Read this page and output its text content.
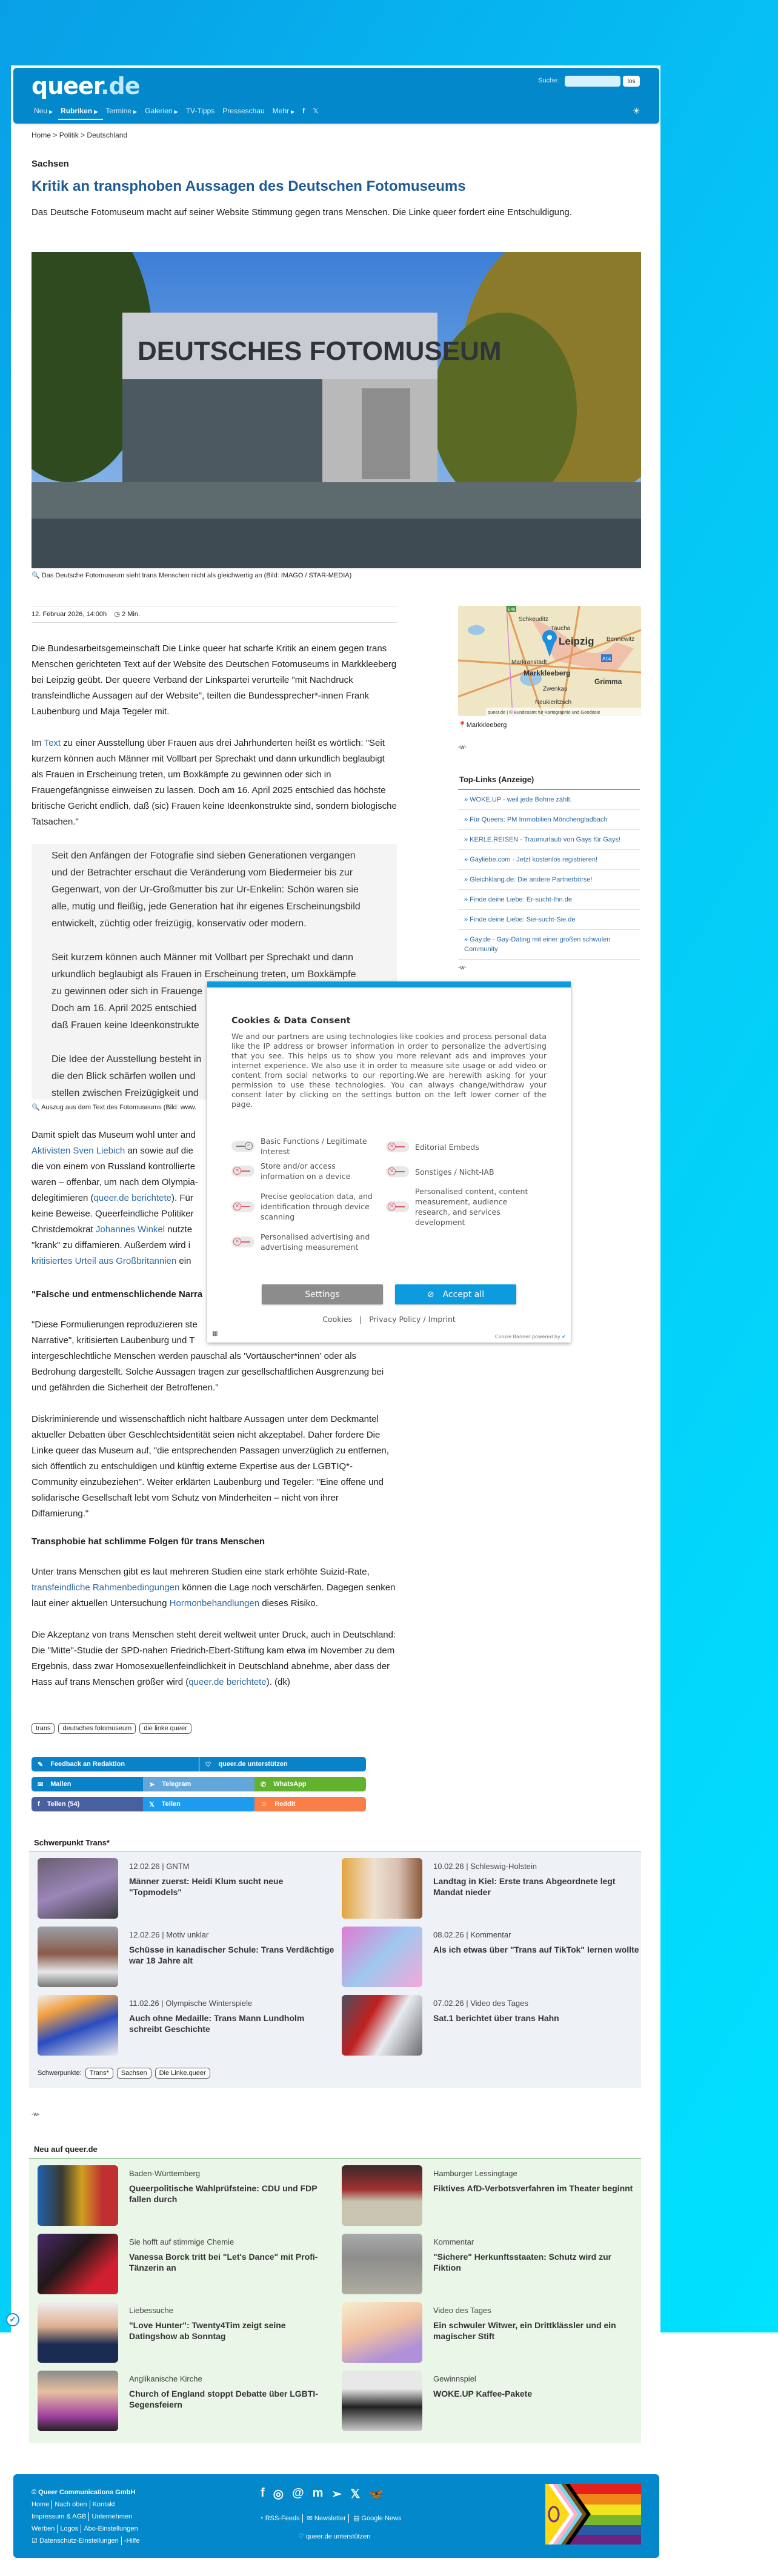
queer.de	Suche:	los
Neu ▶	Rubriken ▶	Termine ▶	Galerien ▶	TV-Tipps	Presseschau	Mehr ▶	f	𝕏	☀
Home > Politik > Deutschland
Sachsen
Kritik an transphoben Aussagen des Deutschen Fotomuseums

Das Deutsche Fotomuseum macht auf seiner Website Stimmung gegen trans Menschen. Die Linke queer fordert eine Entschuldigung.

DEUTSCHES FOTOMUSEUM
🔍 Das Deutsche Fotomuseum sieht trans Menschen nicht als gleichwertig an (Bild: IMAGO / STAR-MEDIA)
12. Februar 2026, 14:00h ◷ 2 Min.

Die Bundesarbeitsgemeinschaft Die Linke queer hat scharfe Kritik an einem gegen trans Menschen gerichteten Text auf der Website des Deutschen Fotomuseums in Markkleeberg bei Leipzig geübt. Der queere Verband der Linkspartei verurteile "mit Nachdruck transfeindliche Aussagen auf der Website", teilten die Bundessprecher*-innen Frank Laubenburg und Maja Tegeler mit.

Im Text zu einer Ausstellung über Frauen aus drei Jahrhunderten heißt es wörtlich: "Seit kurzem können auch Männer mit Vollbart per Sprechakt und dann urkundlich beglaubigt als Frauen in Erscheinung treten, um Boxkämpfe zu gewinnen oder sich in Frauengefängnisse einweisen zu lassen. Doch am 16. April 2025 entschied das höchste britische Gericht endlich, daß (sic) Frauen keine Ideenkonstrukte sind, sondern biologische Tatsachen."

Seit den Anfängen der Fotografie sind sieben Generationen vergangen
und der Betrachter erschaut die Veränderung vom Biedermeier bis zur
Gegenwart, von der Ur-Großmutter bis zur Ur-Enkelin: Schön waren sie
alle, mutig und fleißig, jede Generation hat ihr eigenes Erscheinungsbild
entwickelt, züchtig oder freizügig, konservativ oder modern.
Seit kurzem können auch Männer mit Vollbart per Sprechakt und dann
urkundlich beglaubigt als Frauen in Erscheinung treten, um Boxkämpfe
zu gewinnen oder sich in Frauenge
Doch am 16. April 2025 entschied
daß Frauen keine Ideenkonstrukte
Die Idee der Ausstellung besteht in
die den Blick schärfen wollen und
stellen zwischen Freizügigkeit und
🔍 Auszug aus dem Text des Fotomuseums (Bild: www.
Damit spielt das Museum wohl unter and
Aktivisten Sven Liebich an sowie auf die
die von einem von Russland kontrollierte
waren – offenbar, um nach dem Olympia-
delegitimieren (queer.de berichtete). Für
keine Beweise. Queerfeindliche Politiker
Christdemokrat Johannes Winkel nutzte
"krank" zu diffamieren. Außerdem wird i
kritisiertes Urteil aus Großbritannien ein
"Falsche und entmenschlichende Narra
"Diese Formulierungen reproduzieren ste
Narrative", kritisierten Laubenburg und T
intergeschlechtliche Menschen werden pauschal als 'Vortäuscher*innen' oder als Bedrohung dargestellt. Solche Aussagen tragen zur gesellschaftlichen Ausgrenzung bei und gefährden die Sicherheit der Betroffenen."

Diskriminierende und wissenschaftlich nicht haltbare Aussagen unter dem Deckmantel aktueller Debatten über Geschlechtsidentität seien nicht akzeptabel. Daher fordere Die Linke queer das Museum auf, "die entsprechenden Passagen unverzüglich zu entfernen, sich öffentlich zu entschuldigen und künftig externe Expertise aus der LGBTIQ*-Community einzubeziehen". Weiter erklärten Laubenburg und Tegeler: "Eine offene und solidarische Gesellschaft lebt vom Schutz von Minderheiten – nicht von ihrer Diffamierung."

Transphobie hat schlimme Folgen für trans Menschen

Unter trans Menschen gibt es laut mehreren Studien eine stark erhöhte Suizid-Rate, transfeindliche Rahmenbedingungen können die Lage noch verschärfen. Dagegen senken laut einer aktuellen Untersuchung Hormonbehandlungen dieses Risiko.

Die Akzeptanz von trans Menschen steht dereit weltweit unter Druck, auch in Deutschland: Die "Mitte"-Studie der SPD-nahen Friedrich-Ebert-Stiftung kam etwa im November zu dem Ergebnis, dass zwar Homosexuellenfeindlichkeit in Deutschland abnehme, aber dass der Hass auf trans Menschen größer wird (queer.de berichtete). (dk)

trans deutsches fotomuseum die linke queer
✎ Feedback an Redaktion	♡ queer.de unterstützen
✉ Mailen	➤ Telegram	✆ WhatsApp
f Teilen (54)	𝕏 Teilen	☺ Reddit
Schkeuditz
Taucha
Leipzig Bennewitz
Markranstädt
Markkleeberg
Grimma
Zwenkau
Neukieritzsch
A14
E49
queer.de | © Bundesamt für Kartographie und Geodäsie
📍Markkleeberg
-w-
Top-Links (Anzeige)
» WOKE.UP - weil jede Bohne zählt.
» Für Queers: PM Immobilien Mönchengladbach
» KERLE.REISEN - Traumurlaub von Gays für Gays!
» Gayliebe.com - Jetzt kostenlos registrieren!
» Gleichklang.de: Die andere Partnerbörse!
» Finde deine Liebe: Er-sucht-Ihn.de
» Finde deine Liebe: Sie-sucht-Sie.de
» Gay.de - Gay-Dating mit einer großen schwulen Community
-w-
Schwerpunkt Trans*
12.02.26 | GNTM
Männer zuerst: Heidi Klum sucht neue "Topmodels"
10.02.26 | Schleswig-Holstein
Landtag in Kiel: Erste trans Abgeordnete legt Mandat nieder
12.02.26 | Motiv unklar
Schüsse in kanadischer Schule: Trans Verdächtige war 18 Jahre alt
08.02.26 | Kommentar
Als ich etwas über "Trans auf TikTok" lernen wollte
11.02.26 | Olympische Winterspiele
Auch ohne Medaille: Trans Mann Lundholm schreibt Geschichte
07.02.26 | Video des Tages
Sat.1 berichtet über trans Hahn
Schwerpunkte: Trans* Sachsen Die Linke.queer
-w-
Neu auf queer.de
Baden-Württemberg
Queerpolitische Wahlprüfsteine: CDU und FDP fallen durch
Hamburger Lessingtage
Fiktives AfD-Verbotsverfahren im Theater beginnt
Sie hofft auf stimmige Chemie
Vanessa Borck tritt bei "Let's Dance" mit Profi-Tänzerin an
Kommentar
"Sichere" Herkunftsstaaten: Schutz wird zur Fiktion
Liebessuche
"Love Hunter": Twenty4Tim zeigt seine Datingshow ab Sonntag
Video des Tages
Ein schwuler Witwer, ein Drittklässler und ein magischer Stift
Anglikanische Kirche
Church of England stoppt Debatte über LGBTI-Segensfeiern
Gewinnspiel
WOKE.UP Kaffee-Pakete
© Queer Communications GmbH
Home Nach oben Kontakt
Impressum & AGB Unternehmen
Werben Logos Abo-Einstellungen
☑ Datenschutz-Einstellungen -Hilfe
f ◎ @ m ➢ 𝕏 🦋
◔ RSS-Feeds ✉ Newsletter ▤ Google News
♡ queer.de unterstützen
✔
Cookies & Data Consent

We and our partners are using technologies like cookies and process personal data like the IP address or browser information in order to personalize the advertising that you see. This helps us to show you more relevant ads and improves your internet experience. We also use it in order to measure site usage or add video or content from social networks to our reporting.We are herewith asking for your permission to use these technologies. You can always change/withdraw your consent later by clicking on the settings button on the left lower corner of the page.

✓ Basic Functions / Legitimate Interest
×	Editorial Embeds
×	Store and/or access information on a device
×	Sonstiges / Nicht-IAB
×
Precise geolocation data, and identification through device scanning
×
Personalised content, content measurement, audience research, and services development
×	Personalised advertising and advertising measurement
Settings	⊘ Accept all
Cookies   |   Privacy Policy / Imprint
▦	Cookie Banner powered by ✔
